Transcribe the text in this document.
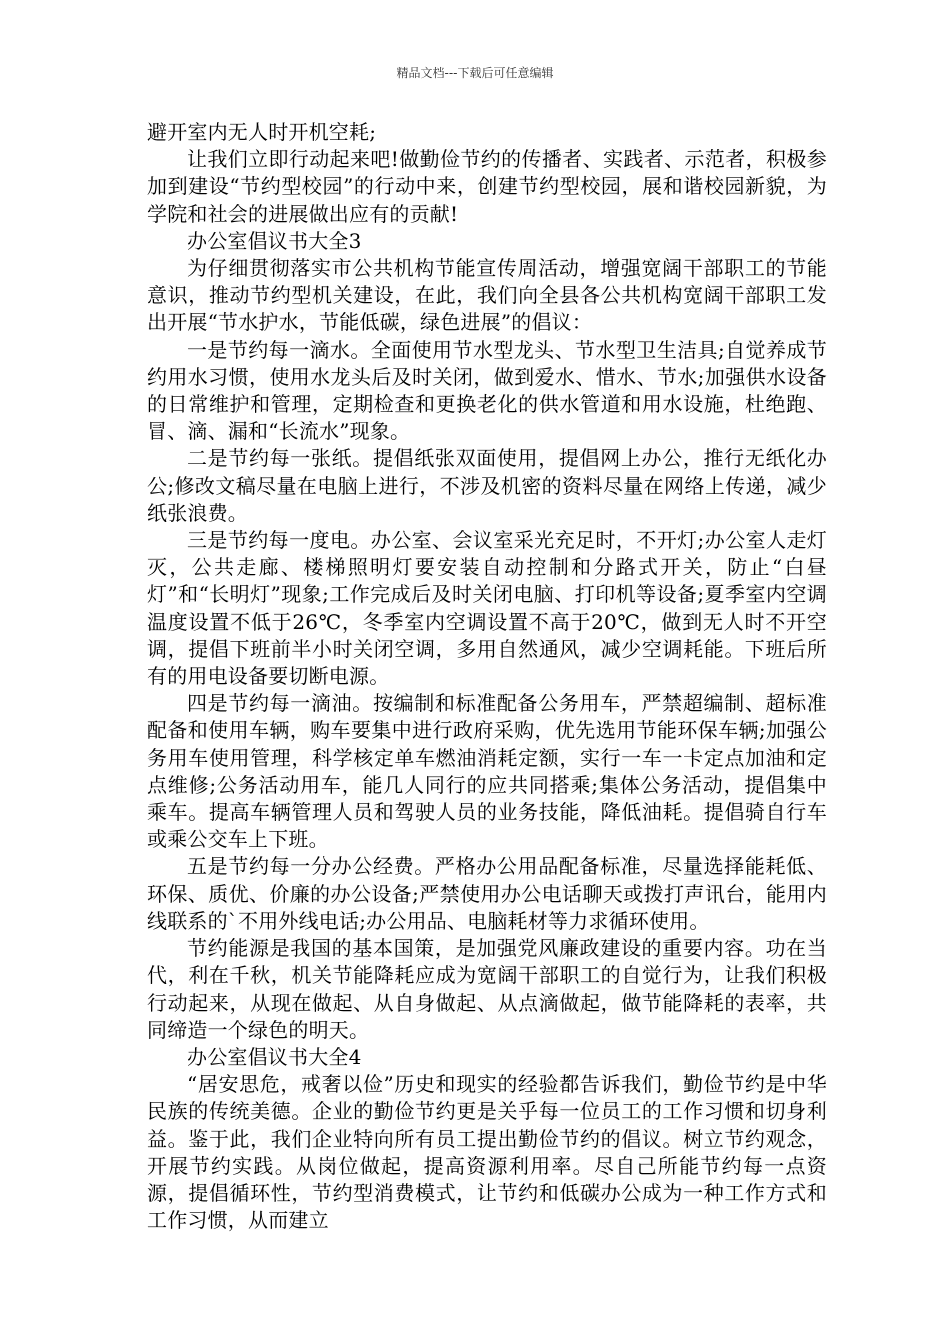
精品文档---下载后可任意编辑

避开室内无人时开机空耗;

让我们立即行动起来吧!做勤俭节约的传播者、实践者、示范者，积极参加到建设“节约型校园”的行动中来，创建节约型校园，展和谐校园新貌，为学院和社会的进展做出应有的贡献!

办公室倡议书大全3

为仔细贯彻落实市公共机构节能宣传周活动，增强宽阔干部职工的节能意识，推动节约型机关建设，在此，我们向全县各公共机构宽阔干部职工发出开展“节水护水，节能低碳，绿色进展”的倡议：

一是节约每一滴水。全面使用节水型龙头、节水型卫生洁具;自觉养成节约用水习惯，使用水龙头后及时关闭，做到爱水、惜水、节水;加强供水设备的日常维护和管理，定期检查和更换老化的供水管道和用水设施，杜绝跑、冒、滴、漏和“长流水”现象。

二是节约每一张纸。提倡纸张双面使用，提倡网上办公，推行无纸化办公;修改文稿尽量在电脑上进行，不涉及机密的资料尽量在网络上传递，减少纸张浪费。

三是节约每一度电。办公室、会议室采光充足时，不开灯;办公室人走灯灭，公共走廊、楼梯照明灯要安装自动控制和分路式开关，防止“白昼灯”和“长明灯”现象;工作完成后及时关闭电脑、打印机等设备;夏季室内空调温度设置不低于26℃，冬季室内空调设置不高于20℃，做到无人时不开空调，提倡下班前半小时关闭空调，多用自然通风，减少空调耗能。下班后所有的用电设备要切断电源。

四是节约每一滴油。按编制和标准配备公务用车，严禁超编制、超标准配备和使用车辆，购车要集中进行政府采购，优先选用节能环保车辆;加强公务用车使用管理，科学核定单车燃油消耗定额，实行一车一卡定点加油和定点维修;公务活动用车，能几人同行的应共同搭乘;集体公务活动，提倡集中乘车。提高车辆管理人员和驾驶人员的业务技能，降低油耗。提倡骑自行车或乘公交车上下班。

五是节约每一分办公经费。严格办公用品配备标准，尽量选择能耗低、环保、质优、价廉的办公设备;严禁使用办公电话聊天或拨打声讯台，能用内线联系的`不用外线电话;办公用品、电脑耗材等力求循环使用。

节约能源是我国的基本国策，是加强党风廉政建设的重要内容。功在当代，利在千秋，机关节能降耗应成为宽阔干部职工的自觉行为，让我们积极行动起来，从现在做起、从自身做起、从点滴做起，做节能降耗的表率，共同缔造一个绿色的明天。

办公室倡议书大全4

“居安思危，戒奢以俭”历史和现实的经验都告诉我们，勤俭节约是中华民族的传统美德。企业的勤俭节约更是关乎每一位员工的工作习惯和切身利益。鉴于此，我们企业特向所有员工提出勤俭节约的倡议。树立节约观念，开展节约实践。从岗位做起，提高资源利用率。尽自己所能节约每一点资源，提倡循环性，节约型消费模式，让节约和低碳办公成为一种工作方式和工作习惯，从而建立
